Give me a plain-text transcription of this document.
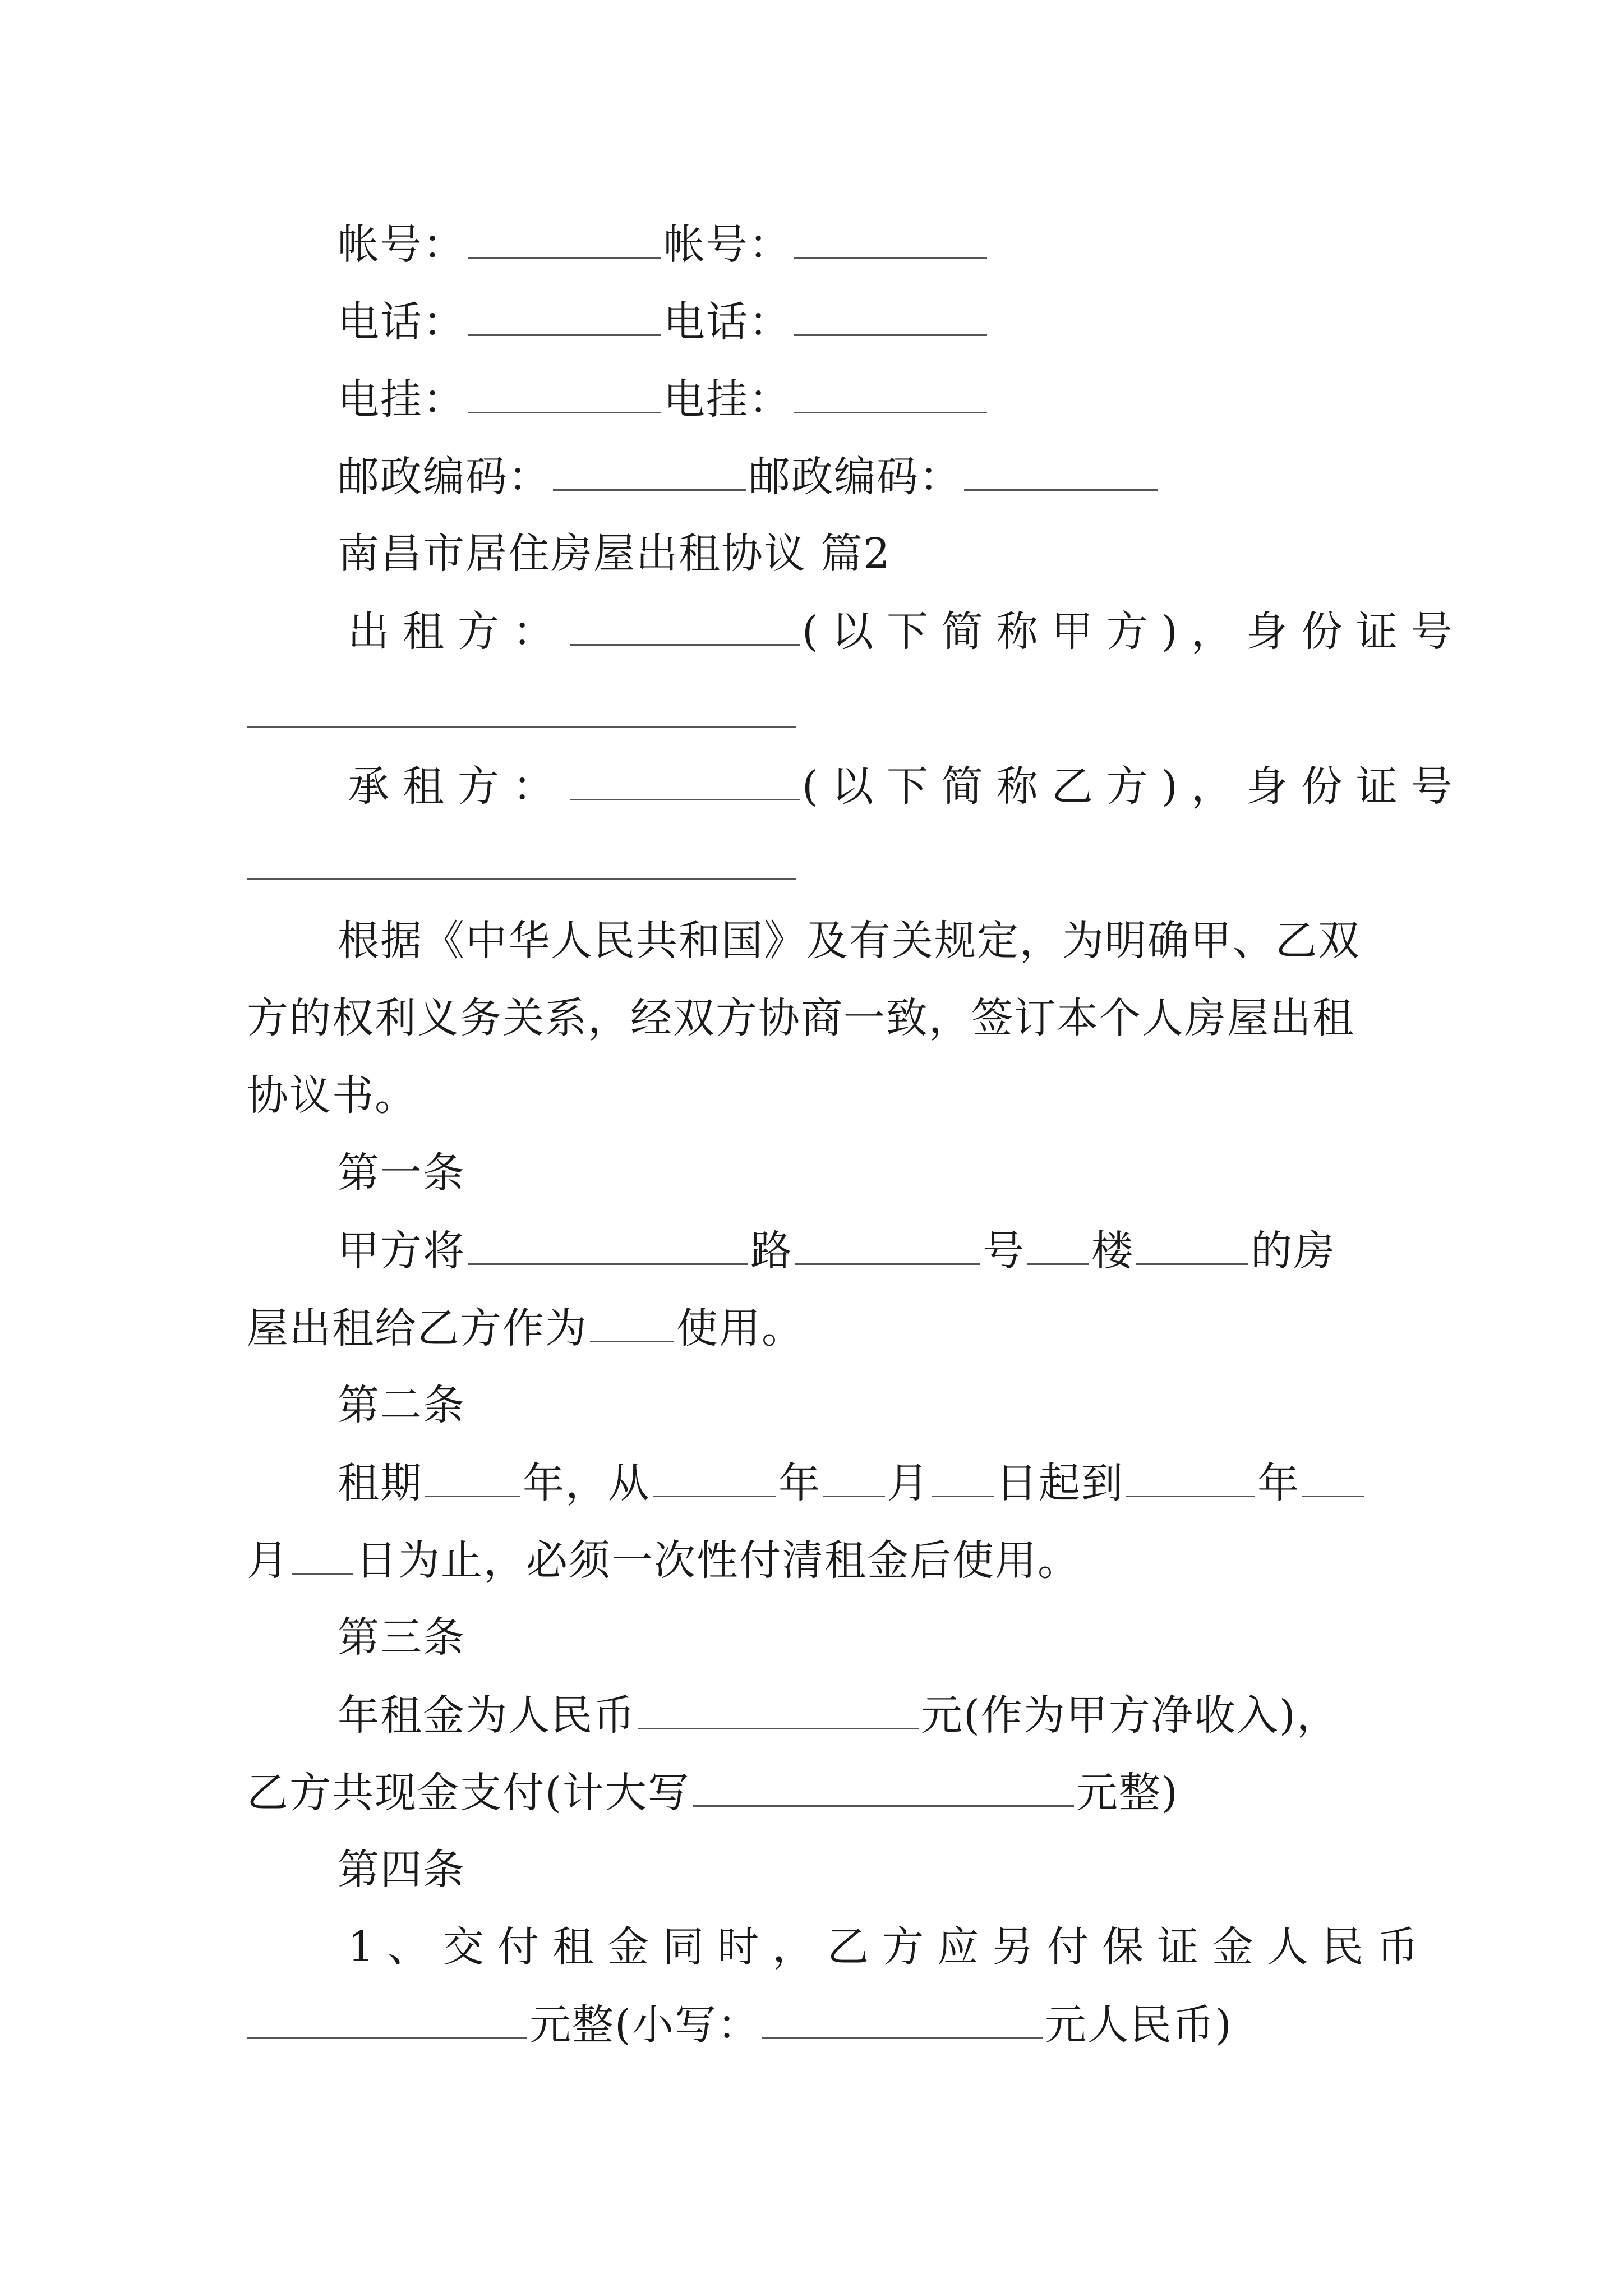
帐号：	帐号：
电话：	电话：
电挂：	电挂：
邮政编码：	邮政编码：
南昌市居住房屋出租协议 篇2
出租方：	(以下简称甲方)，身份证号
承租方：	(以下简称乙方)，身份证号
根据《中华人民共和国》及有关规定，为明确甲、乙双
方的权利义务关系，经双方协商一致，签订本个人房屋出租
协议书。
第一条
甲方将	路	号 楼	的房
屋出租给乙方作为 使用。
第二条
租期 年，从	年 月 日起到	年
月 日为止，必须一次性付清租金后使用。
第三条
年租金为人民币	元(作为甲方净收入)，
乙方共现金支付(计大写	元整)
第四条
1、交付租金同时，乙方应另付保证金人民币
元整(小写：	元人民币)
